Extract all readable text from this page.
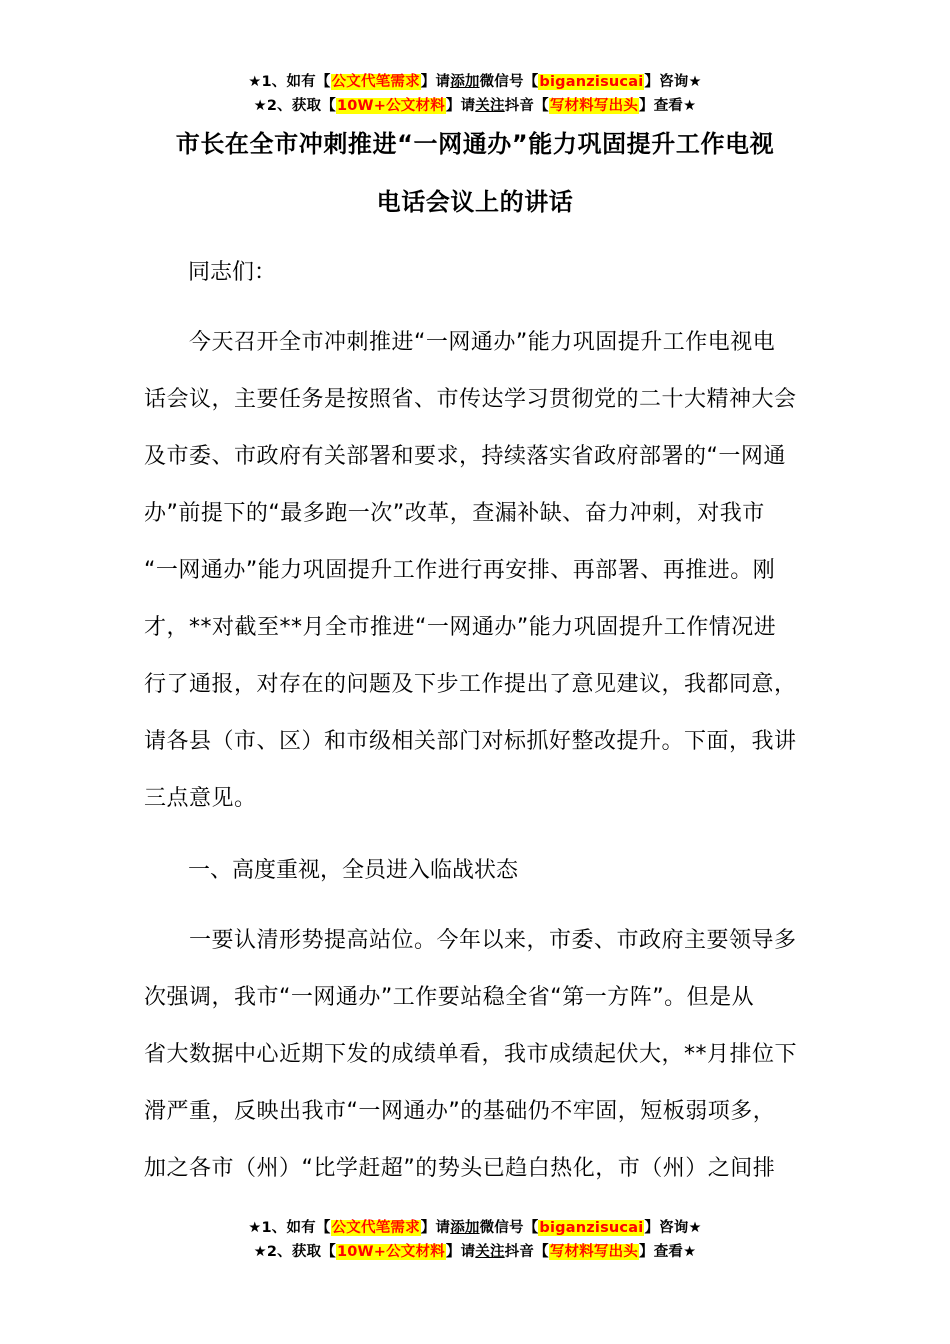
★1、如有【公文代笔需求】请添加微信号【biganzisucai】咨询★
★2、获取【10W+公文材料】请关注抖音【写材料写出头】查看★
市长在全市冲刺推进“一网通办”能力巩固提升工作电视
电话会议上的讲话
　　同志们：
　　今天召开全市冲刺推进“一网通办”能力巩固提升工作电视电
话会议，主要任务是按照省、市传达学习贯彻党的二十大精神大会
及市委、市政府有关部署和要求，持续落实省政府部署的“一网通
办”前提下的“最多跑一次”改革，查漏补缺、奋力冲刺，对我市
“一网通办”能力巩固提升工作进行再安排、再部署、再推进。刚
才，**对截至**月全市推进“一网通办”能力巩固提升工作情况进
行了通报，对存在的问题及下步工作提出了意见建议，我都同意，
请各县（市、区）和市级相关部门对标抓好整改提升。下面，我讲
三点意见。
　　一、高度重视，全员进入临战状态
　　一要认清形势提高站位。今年以来，市委、市政府主要领导多
次强调，我市“一网通办”工作要站稳全省“第一方阵”。但是从
省大数据中心近期下发的成绩单看，我市成绩起伏大，**月排位下
滑严重，反映出我市“一网通办”的基础仍不牢固，短板弱项多，
加之各市（州）“比学赶超”的势头已趋白热化，市（州）之间排
★1、如有【公文代笔需求】请添加微信号【biganzisucai】咨询★
★2、获取【10W+公文材料】请关注抖音【写材料写出头】查看★
